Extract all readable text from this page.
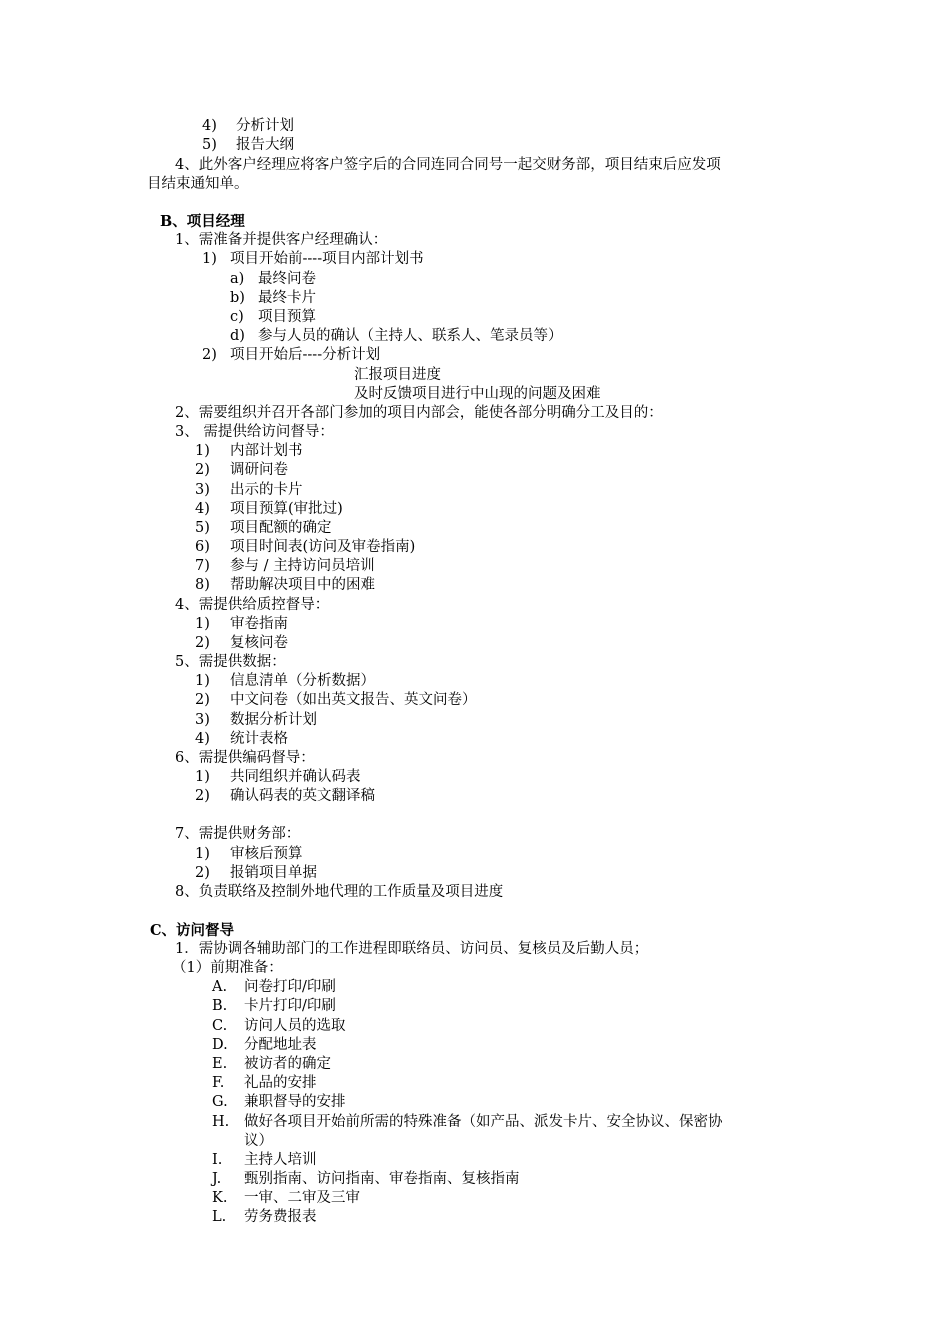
4) 分析计划
5) 报告大纲
4、此外客户经理应将客户签字后的合同连同合同号一起交财务部，项目结束后应发项
目结束通知单。
B、项目经理
1、需准备并提供客户经理确认：
1) 项目开始前----项目内部计划书
a) 最终问卷
b) 最终卡片
c) 项目预算
d) 参与人员的确认（主持人、联系人、笔录员等）
2) 项目开始后----分析计划
汇报项目进度
及时反馈项目进行中山现的问题及困难
2、需要组织并召开各部门参加的项目内部会，能使各部分明确分工及目的：
3、 需提供给访问督导：
1) 内部计划书
2) 调研问卷
3) 出示的卡片
4) 项目预算(审批过)
5) 项目配额的确定
6) 项目时间表(访问及审卷指南)
7) 参与 / 主持访问员培训
8) 帮助解决项目中的困难
4、需提供给质控督导：
1) 审卷指南
2) 复核问卷
5、需提供数据：
1) 信息清单（分析数据）
2) 中文问卷（如出英文报告、英文问卷）
3) 数据分析计划
4) 统计表格
6、需提供编码督导：
1) 共同组织并确认码表
2) 确认码表的英文翻译稿
7、需提供财务部：
1) 审核后预算
2) 报销项目单据
8、负责联络及控制外地代理的工作质量及项目进度
C、访问督导
1．需协调各辅助部门的工作进程即联络员、访问员、复核员及后勤人员；
（1）前期准备：
A. 问卷打印/印刷
B. 卡片打印/印刷
C. 访问人员的选取
D. 分配地址表
E. 被访者的确定
F. 礼品的安排
G. 兼职督导的安排
H. 做好各项目开始前所需的特殊准备（如产品、派发卡片、安全协议、保密协
议）
I. 主持人培训
J. 甄别指南、访问指南、审卷指南、复核指南
K. 一审、二审及三审
L. 劳务费报表
